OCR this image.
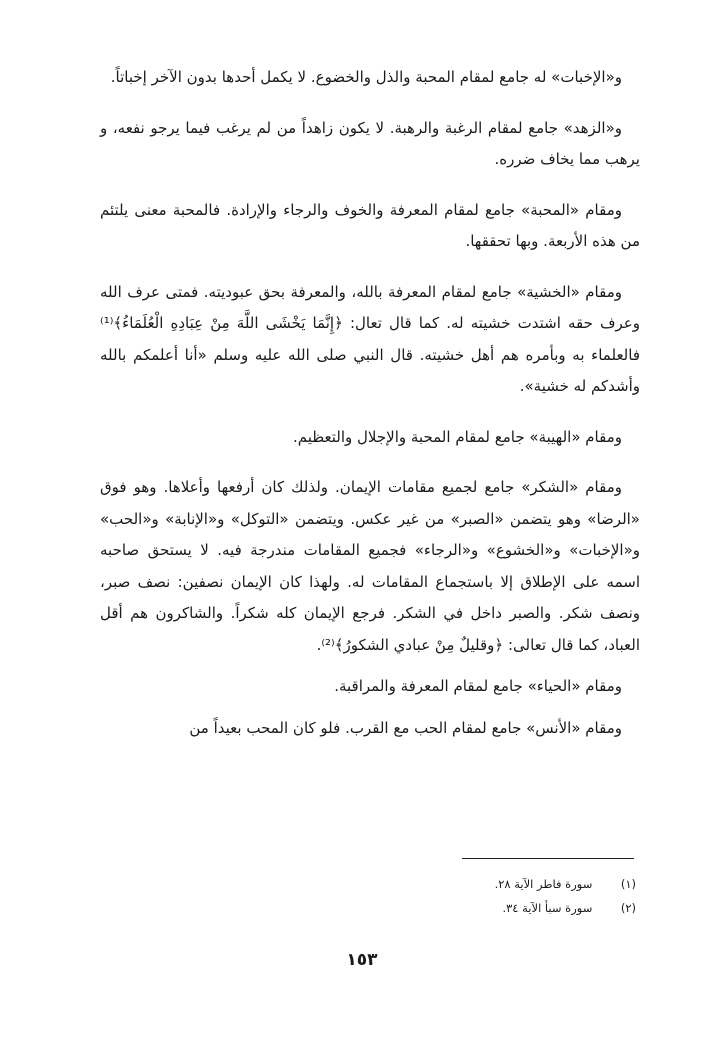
و«الإخبات» له جامع لمقام المحبة والذل والخضوع. لا يكمل أحدها بدون الآخر إخباتاً.

و«الزهد» جامع لمقام الرغبة والرهبة. لا يكون زاهداً من لم يرغب فيما يرجو نفعه، و يرهب مما يخاف ضرره.

ومقام «المحبة» جامع لمقام المعرفة والخوف والرجاء والإرادة. فالمحبة معنى يلتئم من هذه الأربعة. وبها تحققها.

ومقام «الخشية» جامع لمقام المعرفة بالله، والمعرفة بحق عبوديته. فمتى عرف الله وعرف حقه اشتدت خشيته له. كما قال تعال: ﴿إِنَّمَا يَخْشَى اللَّهَ مِنْ عِبَادِهِ الْعُلَمَاءُ﴾⁽¹⁾ فالعلماء به وبأمره هم أهل خشيته. قال النبي صلى الله عليه وسلم «أنا أعلمكم بالله وأشدكم له خشية».

ومقام «الهيبة» جامع لمقام المحبة والإجلال والتعظيم.

ومقام «الشكر» جامع لجميع مقامات الإيمان. ولذلك كان أرفعها وأعلاها. وهو فوق «الرضا» وهو يتضمن «الصبر» من غير عكس. ويتضمن «التوكل» و«الإنابة» و«الحب» و«الإخبات» و«الخشوع» و«الرجاء» فجميع المقامات مندرجة فيه. لا يستحق صاحبه اسمه على الإطلاق إلا باستجماع المقامات له. ولهذا كان الإيمان نصفين: نصف صبر، ونصف شكر. والصبر داخل في الشكر. فرجع الإيمان كله شكراً. والشاكرون هم أقل العباد، كما قال تعالى: ﴿وقليلٌ مِنْ عبادي الشكورُ﴾⁽²⁾.

ومقام «الحياء» جامع لمقام المعرفة والمراقبة.

ومقام «الأنس» جامع لمقام الحب مع القرب. فلو كان المحب بعيداً من

(١) سورة فاطر الآية ٢٨.
(٢) سورة سبأ الآية ٣٤.
١٥٣
